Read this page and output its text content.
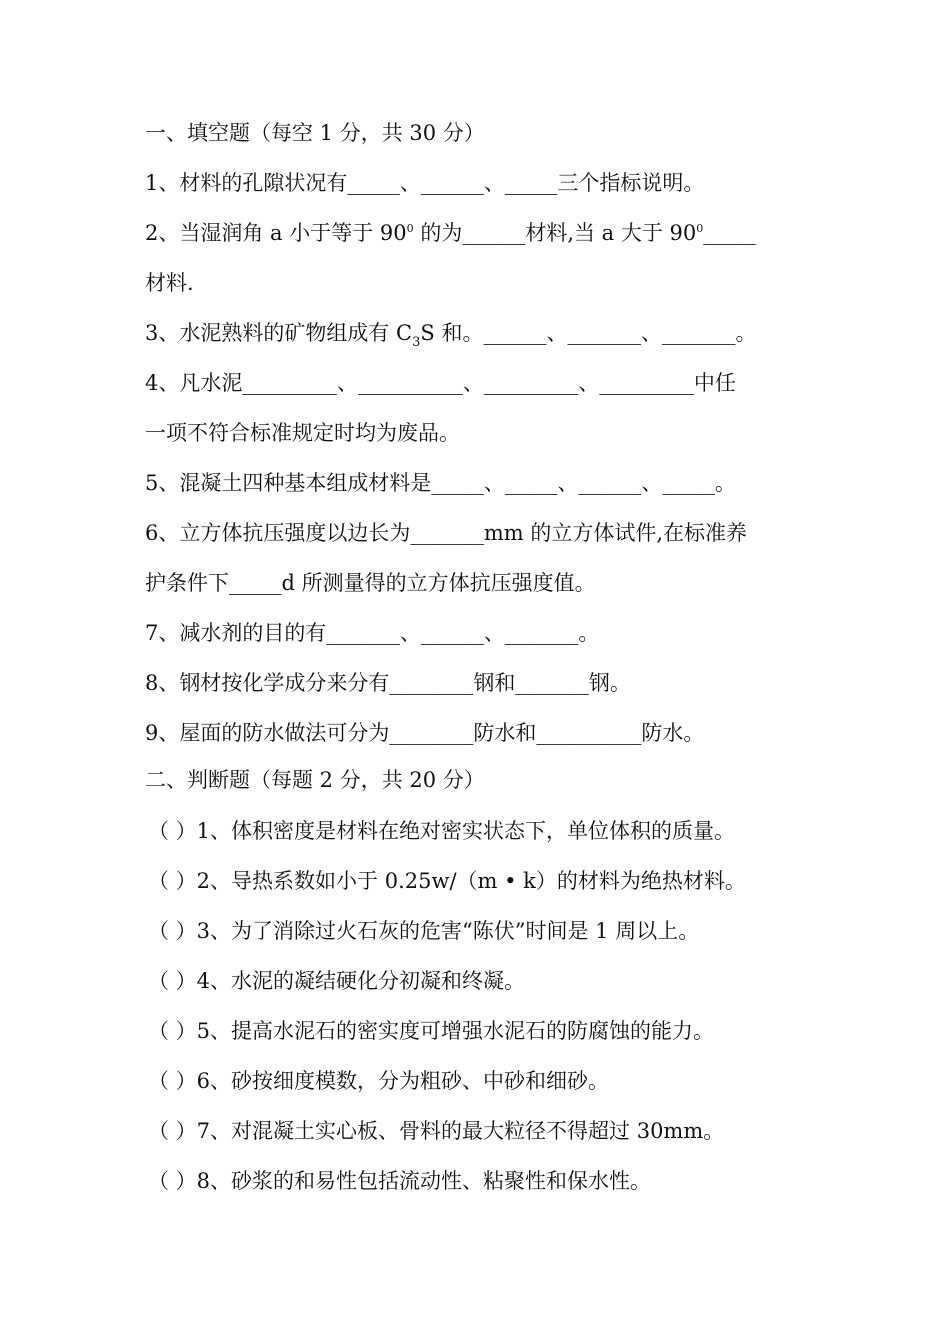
一、填空题（每空 1 分，共 30 分）
1、材料的孔隙状况有_____、______、_____三个指标说明。
2、当湿润角 a 小于等于 $90^0$ 的为______材料,当 a 大于 $90^0\_\_\_\_\_$
材料.
3、水泥熟料的矿物组成有 $C_3S$ 和。______、_______、_______。
4、凡水泥_________、__________、_________、_________中任
一项不符合标准规定时均为废品。
5、混凝土四种基本组成材料是_____、_____、______、_____。
6、立方体抗压强度以边长为_______mm 的立方体试件,在标准养
护条件下_____d 所测量得的立方体抗压强度值。
7、减水剂的目的有_______、______、_______。
8、钢材按化学成分来分有________钢和_______钢。
9、屋面的防水做法可分为________防水和__________防水。
二、判断题（每题 2 分，共 20 分）
（ ）1、体积密度是材料在绝对密实状态下，单位体积的质量。
（ ）2、导热系数如小于 0.25w/（m • k）的材料为绝热材料。
（ ）3、为了消除过火石灰的危害“陈伏”时间是 1 周以上。
（ ）4、水泥的凝结硬化分初凝和终凝。
（ ）5、提高水泥石的密实度可增强水泥石的防腐蚀的能力。
（ ）6、砂按细度模数，分为粗砂、中砂和细砂。
（ ）7、对混凝土实心板、骨料的最大粒径不得超过 30mm。
（ ）8、砂浆的和易性包括流动性、粘聚性和保水性。
